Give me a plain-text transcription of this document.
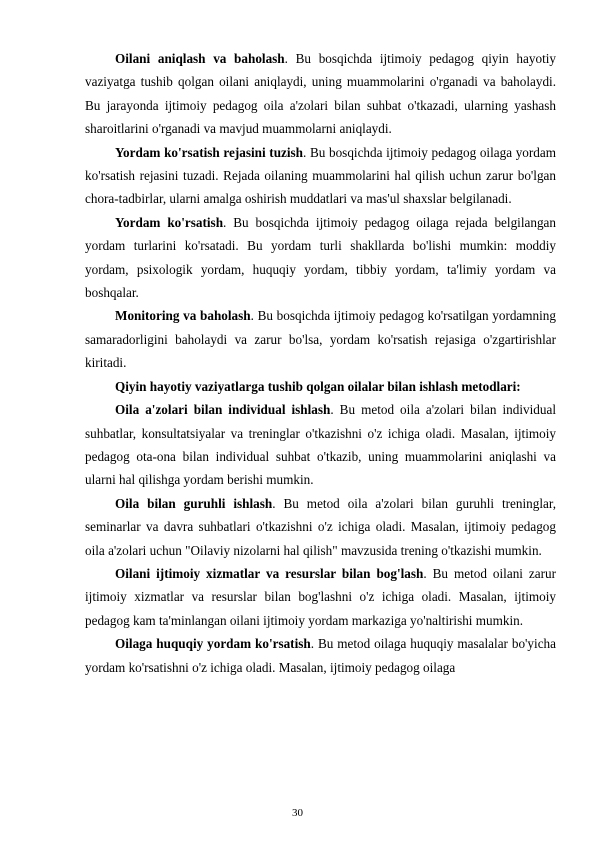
Oilani aniqlash va baholash. Bu bosqichda ijtimoiy pedagog qiyin hayotiy vaziyatga tushib qolgan oilani aniqlaydi, uning muammolarini o'rganadi va baholaydi. Bu jarayonda ijtimoiy pedagog oila a'zolari bilan suhbat o'tkazadi, ularning yashash sharoitlarini o'rganadi va mavjud muammolarni aniqlaydi.

Yordam ko'rsatish rejasini tuzish. Bu bosqichda ijtimoiy pedagog oilaga yordam ko'rsatish rejasini tuzadi. Rejada oilaning muammolarini hal qilish uchun zarur bo'lgan chora-tadbirlar, ularni amalga oshirish muddatlari va mas'ul shaxslar belgilanadi.

Yordam ko'rsatish. Bu bosqichda ijtimoiy pedagog oilaga rejada belgilangan yordam turlarini ko'rsatadi. Bu yordam turli shakllarda bo'lishi mumkin: moddiy yordam, psixologik yordam, huquqiy yordam, tibbiy yordam, ta'limiy yordam va boshqalar.

Monitoring va baholash. Bu bosqichda ijtimoiy pedagog ko'rsatilgan yordamning samaradorligini baholaydi va zarur bo'lsa, yordam ko'rsatish rejasiga o'zgartirishlar kiritadi.

Qiyin hayotiy vaziyatlarga tushib qolgan oilalar bilan ishlash metodlari:

Oila a'zolari bilan individual ishlash. Bu metod oila a'zolari bilan individual suhbatlar, konsultatsiyalar va treninglar o'tkazishni o'z ichiga oladi. Masalan, ijtimoiy pedagog ota-ona bilan individual suhbat o'tkazib, uning muammolarini aniqlashi va ularni hal qilishga yordam berishi mumkin.

Oila bilan guruhli ishlash. Bu metod oila a'zolari bilan guruhli treninglar, seminarlar va davra suhbatlari o'tkazishni o'z ichiga oladi. Masalan, ijtimoiy pedagog oila a'zolari uchun "Oilaviy nizolarni hal qilish" mavzusida trening o'tkazishi mumkin.

Oilani ijtimoiy xizmatlar va resurslar bilan bog'lash. Bu metod oilani zarur ijtimoiy xizmatlar va resurslar bilan bog'lashni o'z ichiga oladi. Masalan, ijtimoiy pedagog kam ta'minlangan oilani ijtimoiy yordam markaziga yo'naltirishi mumkin.

Oilaga huquqiy yordam ko'rsatish. Bu metod oilaga huquqiy masalalar bo'yicha yordam ko'rsatishni o'z ichiga oladi. Masalan, ijtimoiy pedagog oilaga

30
